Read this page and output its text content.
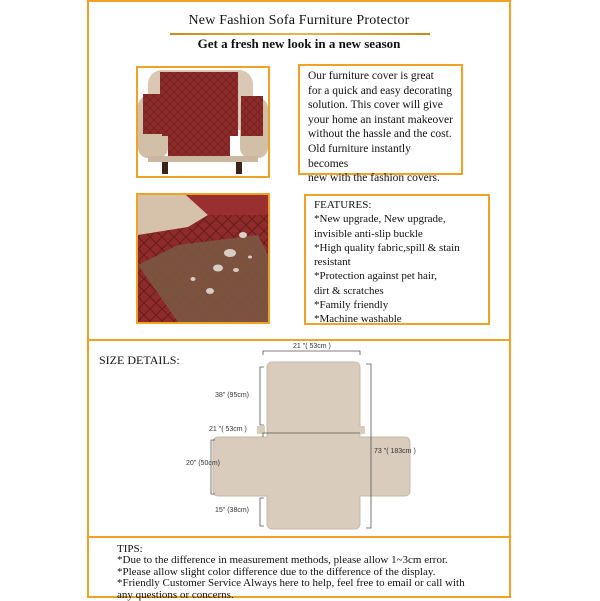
New Fashion Sofa Furniture Protector
Get a fresh new look in a new season
Our furniture cover is great
for a quick and easy decorating
solution. This cover will give
your home an instant makeover
without the hassle and the cost.
Old furniture instantly becomes
new with the fashion covers.
FEATURES:
*New upgrade, New upgrade,
invisible anti-slip buckle
*High quality fabric,spill & stain
resistant
*Protection against pet hair,
dirt & scratches
*Family friendly
*Machine washable
SIZE DETAILS:
21 "( 53cm )
38" (95cm)
21 "( 53cm )
20" (50cm)
15" (38cm)
73 "( 183cm )
TIPS:
*Due to the difference in measurement methods, please allow 1~3cm error.
*Please allow slight color difference due to the difference of the display.
*Friendly Customer Service Always here to help, feel free to email or call with
any questions or concerns.
